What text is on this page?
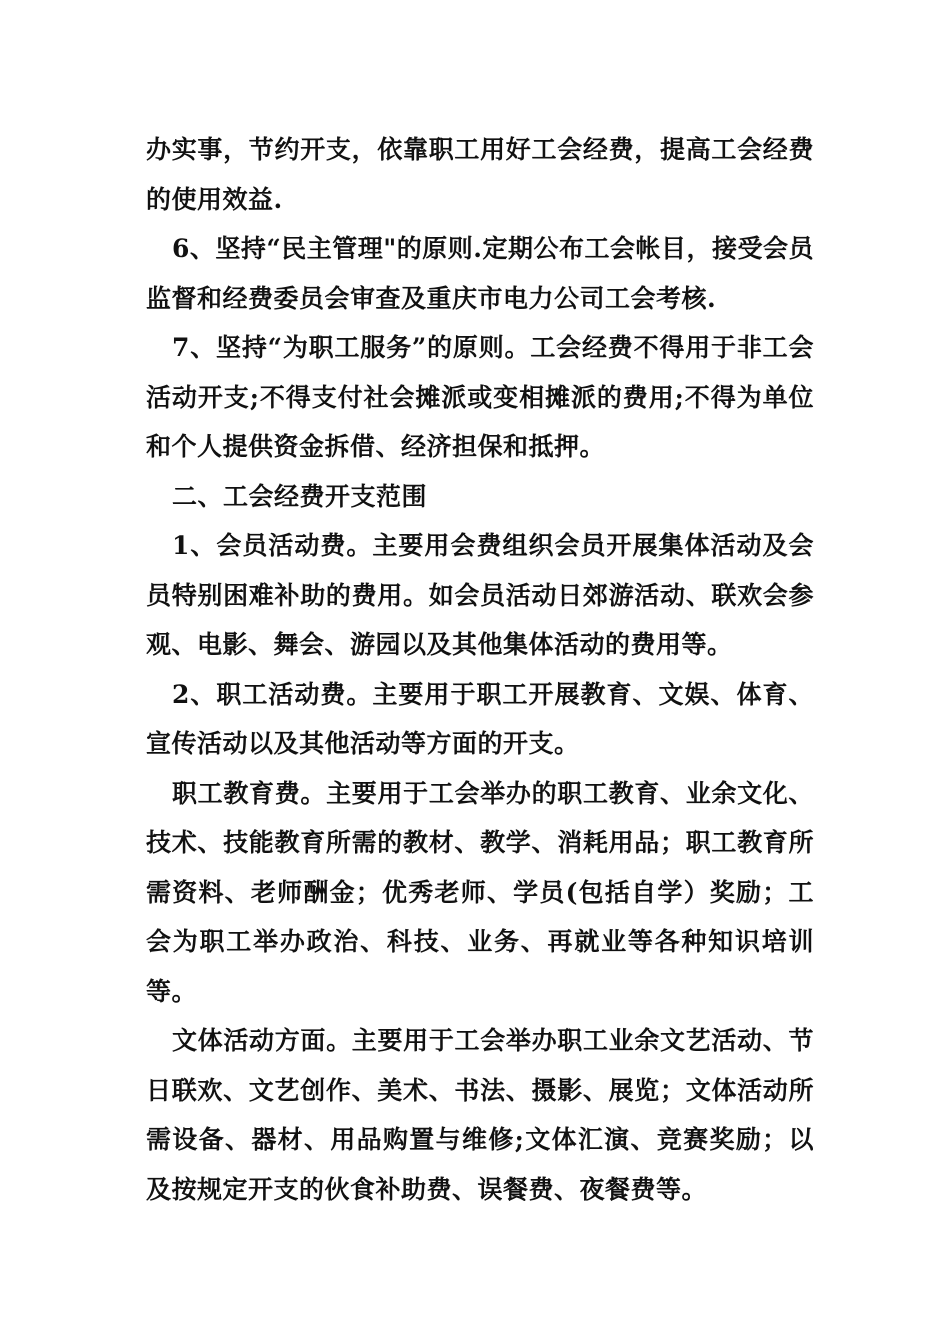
办实事，节约开支，依靠职工用好工会经费，提高工会经费的使用效益.

6、坚持“民主管理"的原则.定期公布工会帐目，接受会员监督和经费委员会审查及重庆市电力公司工会考核.

7、坚持“为职工服务”的原则。工会经费不得用于非工会活动开支;不得支付社会摊派或变相摊派的费用;不得为单位和个人提供资金拆借、经济担保和抵押。

二、工会经费开支范围

1、会员活动费。主要用会费组织会员开展集体活动及会员特别困难补助的费用。如会员活动日郊游活动、联欢会参观、电影、舞会、游园以及其他集体活动的费用等。

2、职工活动费。主要用于职工开展教育、文娱、体育、宣传活动以及其他活动等方面的开支。

职工教育费。主要用于工会举办的职工教育、业余文化、技术、技能教育所需的教材、教学、消耗用品；职工教育所需资料、老师酬金；优秀老师、学员(包括自学）奖励；工会为职工举办政治、科技、业务、再就业等各种知识培训等。

文体活动方面。主要用于工会举办职工业余文艺活动、节日联欢、文艺创作、美术、书法、摄影、展览；文体活动所需设备、器材、用品购置与维修;文体汇演、竞赛奖励；以及按规定开支的伙食补助费、误餐费、夜餐费等。
